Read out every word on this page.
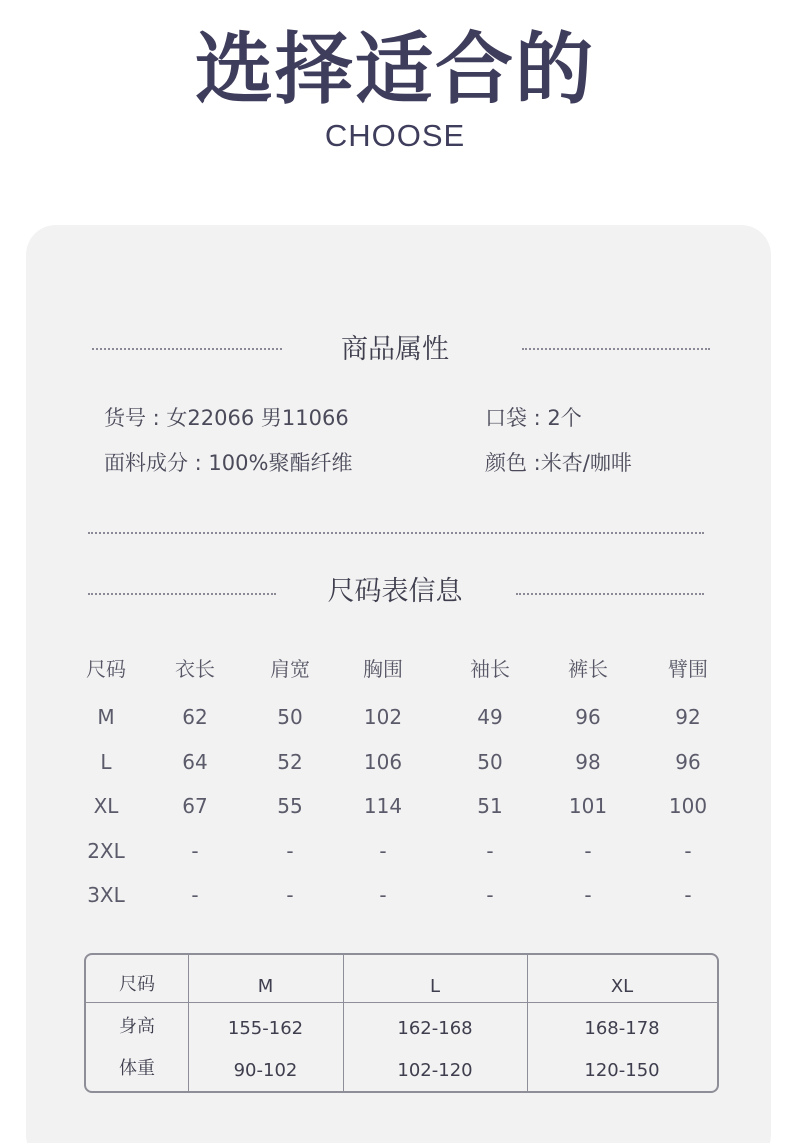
选择适合的
CHOOSE
商品属性
货号 : 女22066 男11066	口袋 : 2个
面料成分 : 100%聚酯纤维	颜色 :米杏/咖啡
尺码表信息
尺码	衣长	肩宽	胸围	袖长	裤长	臂围
M	62	50	102	49	96	92
L	64	52	106	50	98	96
XL	67	55	114	51	101	100
2XL	-	-	-	-	-	-
3XL	-	-	-	-	-	-
尺码	M	L	XL
身高	155-162	162-168	168-178
体重	90-102	102-120	120-150
